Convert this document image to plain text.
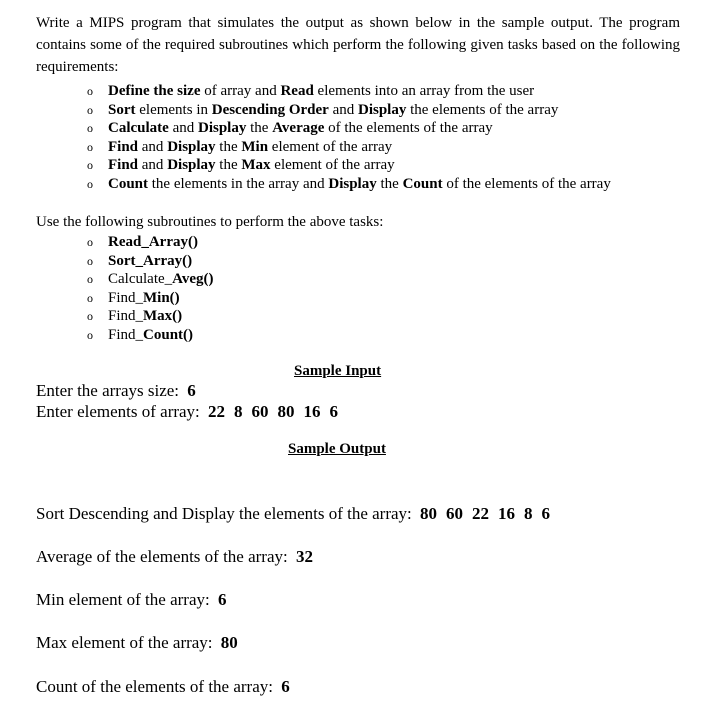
Write a MIPS program that simulates the output as shown below in the sample output. The program contains some of the required subroutines which perform the following given tasks based on the following requirements:

o Define the size of array and Read elements into an array from the user
o Sort elements in Descending Order and Display the elements of the array
o Calculate and Display the Average of the elements of the array
o Find and Display the Min element of the array
o Find and Display the Max element of the array
o Count the elements in the array and Display the Count of the elements of the array
Use the following subroutines to perform the above tasks:
o Read_Array()
o Sort_Array()
o Calculate_Aveg()
o Find_Min()
o Find_Max()
o Find_Count()
Sample Input
Enter the arrays size: 6
Enter elements of array: 22 8 60 80 16 6
Sample Output
Sort Descending and Display the elements of the array: 80 60 22 16 8 6
Average of the elements of the array: 32
Min element of the array: 6
Max element of the array: 80
Count of the elements of the array: 6
